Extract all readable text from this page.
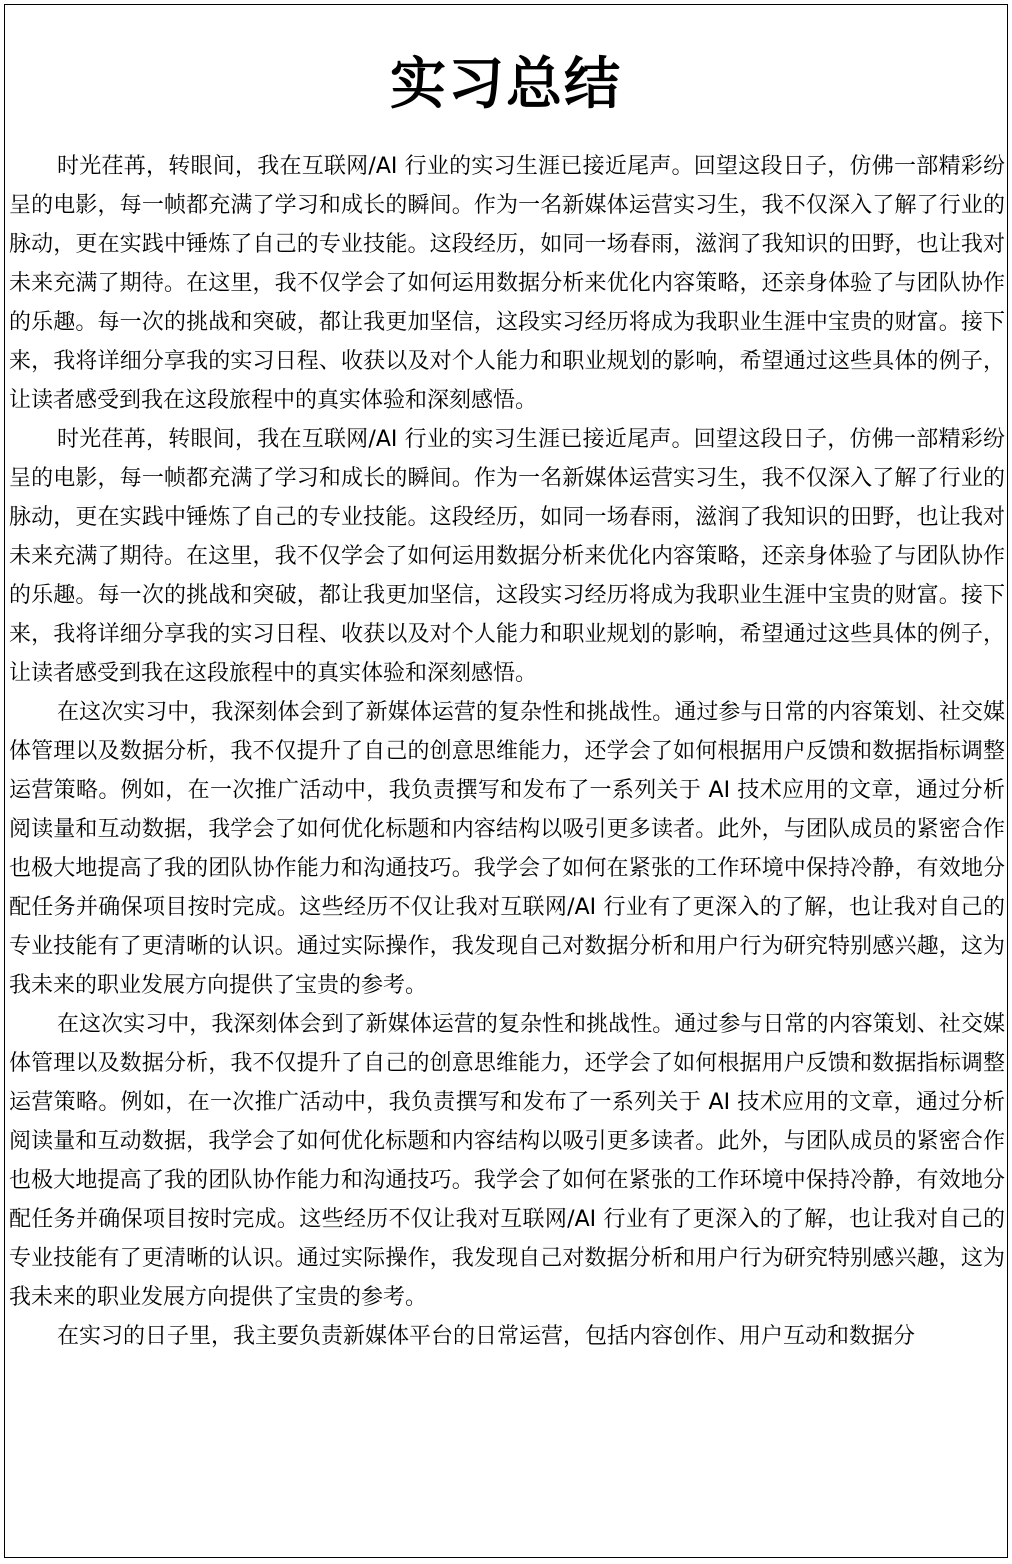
实习总结

时光荏苒，转眼间，我在互联网/AI 行业的实习生涯已接近尾声。回望这段日子，仿佛一部精彩纷呈的电影，每一帧都充满了学习和成长的瞬间。作为一名新媒体运营实习生，我不仅深入了解了行业的脉动，更在实践中锤炼了自己的专业技能。这段经历，如同一场春雨，滋润了我知识的田野，也让我对未来充满了期待。在这里，我不仅学会了如何运用数据分析来优化内容策略，还亲身体验了与团队协作的乐趣。每一次的挑战和突破，都让我更加坚信，这段实习经历将成为我职业生涯中宝贵的财富。接下来，我将详细分享我的实习日程、收获以及对个人能力和职业规划的影响，希望通过这些具体的例子，让读者感受到我在这段旅程中的真实体验和深刻感悟。

时光荏苒，转眼间，我在互联网/AI 行业的实习生涯已接近尾声。回望这段日子，仿佛一部精彩纷呈的电影，每一帧都充满了学习和成长的瞬间。作为一名新媒体运营实习生，我不仅深入了解了行业的脉动，更在实践中锤炼了自己的专业技能。这段经历，如同一场春雨，滋润了我知识的田野，也让我对未来充满了期待。在这里，我不仅学会了如何运用数据分析来优化内容策略，还亲身体验了与团队协作的乐趣。每一次的挑战和突破，都让我更加坚信，这段实习经历将成为我职业生涯中宝贵的财富。接下来，我将详细分享我的实习日程、收获以及对个人能力和职业规划的影响，希望通过这些具体的例子，让读者感受到我在这段旅程中的真实体验和深刻感悟。

在这次实习中，我深刻体会到了新媒体运营的复杂性和挑战性。通过参与日常的内容策划、社交媒体管理以及数据分析，我不仅提升了自己的创意思维能力，还学会了如何根据用户反馈和数据指标调整运营策略。例如，在一次推广活动中，我负责撰写和发布了一系列关于 AI 技术应用的文章，通过分析阅读量和互动数据，我学会了如何优化标题和内容结构以吸引更多读者。此外，与团队成员的紧密合作也极大地提高了我的团队协作能力和沟通技巧。我学会了如何在紧张的工作环境中保持冷静，有效地分配任务并确保项目按时完成。这些经历不仅让我对互联网/AI 行业有了更深入的了解，也让我对自己的专业技能有了更清晰的认识。通过实际操作，我发现自己对数据分析和用户行为研究特别感兴趣，这为我未来的职业发展方向提供了宝贵的参考。

在这次实习中，我深刻体会到了新媒体运营的复杂性和挑战性。通过参与日常的内容策划、社交媒体管理以及数据分析，我不仅提升了自己的创意思维能力，还学会了如何根据用户反馈和数据指标调整运营策略。例如，在一次推广活动中，我负责撰写和发布了一系列关于 AI 技术应用的文章，通过分析阅读量和互动数据，我学会了如何优化标题和内容结构以吸引更多读者。此外，与团队成员的紧密合作也极大地提高了我的团队协作能力和沟通技巧。我学会了如何在紧张的工作环境中保持冷静，有效地分配任务并确保项目按时完成。这些经历不仅让我对互联网/AI 行业有了更深入的了解，也让我对自己的专业技能有了更清晰的认识。通过实际操作，我发现自己对数据分析和用户行为研究特别感兴趣，这为我未来的职业发展方向提供了宝贵的参考。

在实习的日子里，我主要负责新媒体平台的日常运营，包括内容创作、用户互动和数据分
